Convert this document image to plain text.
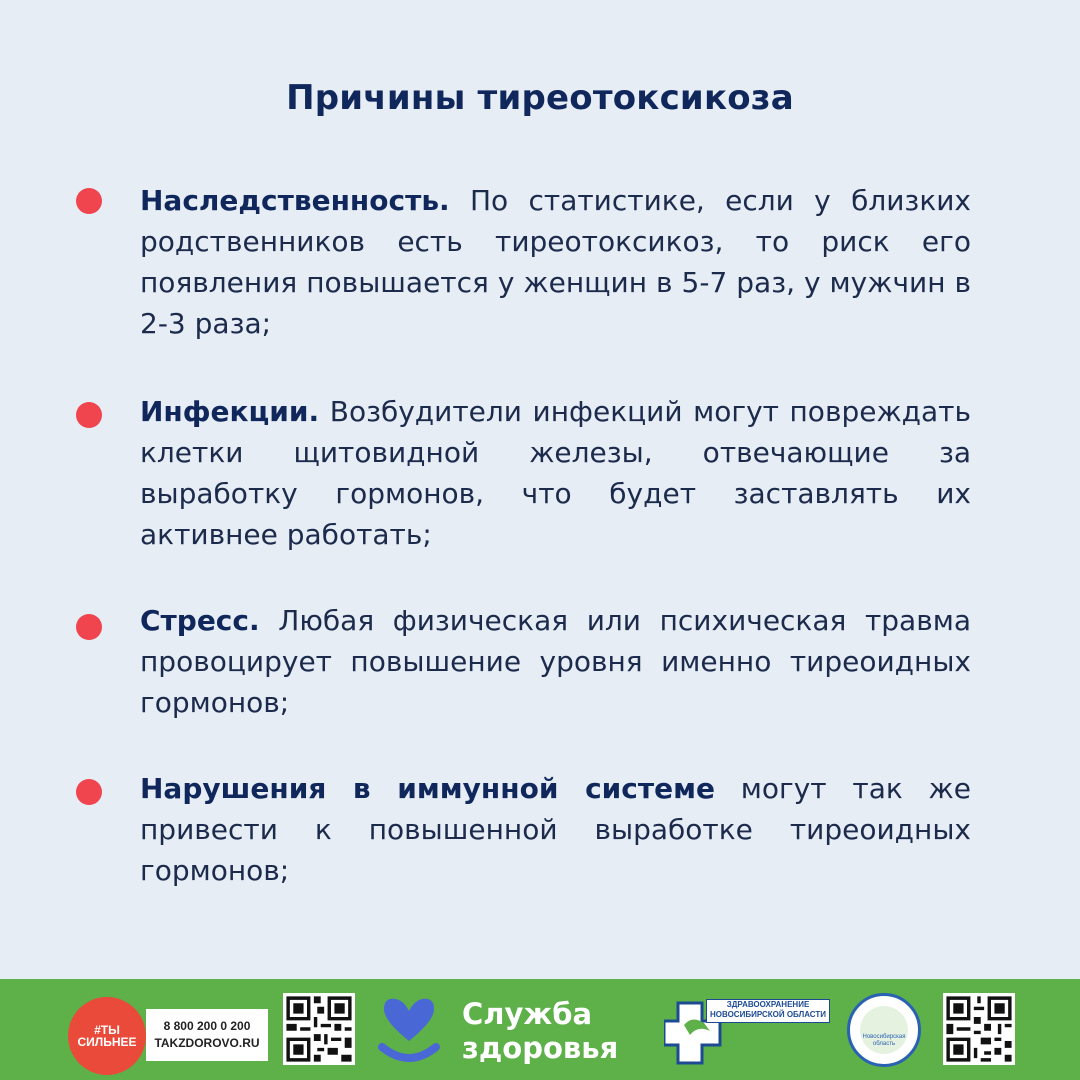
Причины тиреотоксикоза
Наследственность. По статистике, если у близких родственников есть тиреотоксикоз, то риск его появления повышается у женщин в 5-7 раз, у мужчин в 2-3 раза;
Инфекции. Возбудители инфекций могут повреждать клетки щитовидной железы, отвечающие за выработку гормонов, что будет заставлять их активнее работать;
Стресс. Любая физическая или психическая травма провоцирует повышение уровня именно тиреоидных гормонов;
Нарушения в иммунной системе могут так же привести к повышенной выработке тиреоидных гормонов;
#ТЫ СИЛЬНЕЕ
8 800 200 0 200
TAKZDOROVO.RU
Служба
здоровья
ЗДРАВООХРАНЕНИЕ
НОВОСИБИРСКОЙ ОБЛАСТИ
Новосибирская область
